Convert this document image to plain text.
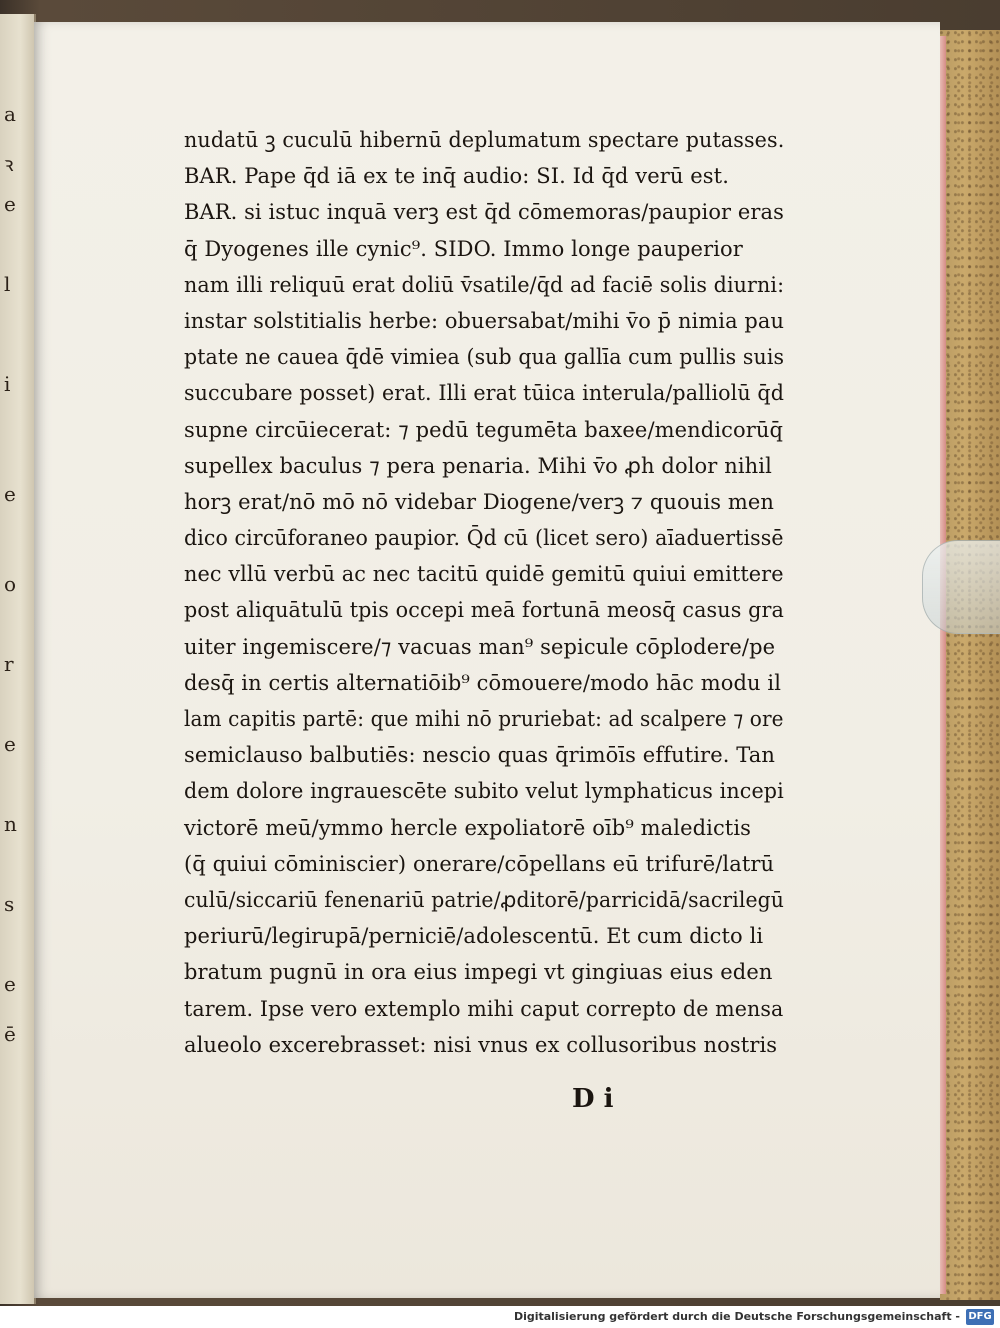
a
ꝛ
e
l
i
e
o
r
e
n
s
e
ē
nudatū ꝫ cuculū hibernū deplumatum spectare putasses.
BAR. Pape q̄d iā ex te inq̄ audio: SI. Id q̄d verū est.
BAR. si istuc inquā verꝫ est q̄d cōmemoras/paupior eras
q̄ Dyogenes ille cynic⁹. SIDO. Immo longe pauperior
nam illi reliquū erat doliū v̄satile/q̄d ad faciē solis diurni:
instar solstitialis herbe: obuersabat/mihi v̄o p̄ nimia pau
ptate ne cauea q̄dē vimiea (sub qua gallīa cum pullis suis
succubare posset) erat. Illi erat tūica interula/palliolū q̄d
supne circūiecerat: ⁊ pedū tegumēta baxee/mendicorūq̄
supellex baculus ⁊ pera penaria. Mihi v̄o ꝓh dolor nihil
horꝫ erat/nō mō nō videbar Diogene/verꝫ ⁊ quouis men
dico circūforaneo paupior. Q̄d cū (licet sero) aīaduertissē
nec vllū verbū ac nec tacitū quidē gemitū quiui emittere
post aliquātulū tpis occepi meā fortunā meosq̄ casus gra
uiter ingemiscere/⁊ vacuas man⁹ sepicule cōplodere/pe
desq̄ in certis alternatiōib⁹ cōmouere/modo hāc modu il
lam capitis partē: que mihi nō pruriebat: ad scalpere ⁊ ore
semiclauso balbutiēs: nescio quas q̄rimōīs effutire. Tan
dem dolore ingrauescēte subito velut lymphaticus incepi
victorē meū/ymmo hercle expoliatorē oīb⁹ maledictis
(q̄ quiui cōminiscier) onerare/cōpellans eū trifurē/latrū
culū/siccariū fenenariū patrie/ꝓditorē/parricidā/sacrilegū
periurū/legirupā/perniciē/adolescentū. Et cum dicto li
bratum pugnū in ora eius impegi vt gingiuas eius eden
tarem. Ipse vero extemplo mihi caput correpto de mensa
alueolo excerebrasset: nisi vnus ex collusoribus nostris
D i
Digitalisierung gefördert durch die Deutsche Forschungsgemeinschaft - DFG
